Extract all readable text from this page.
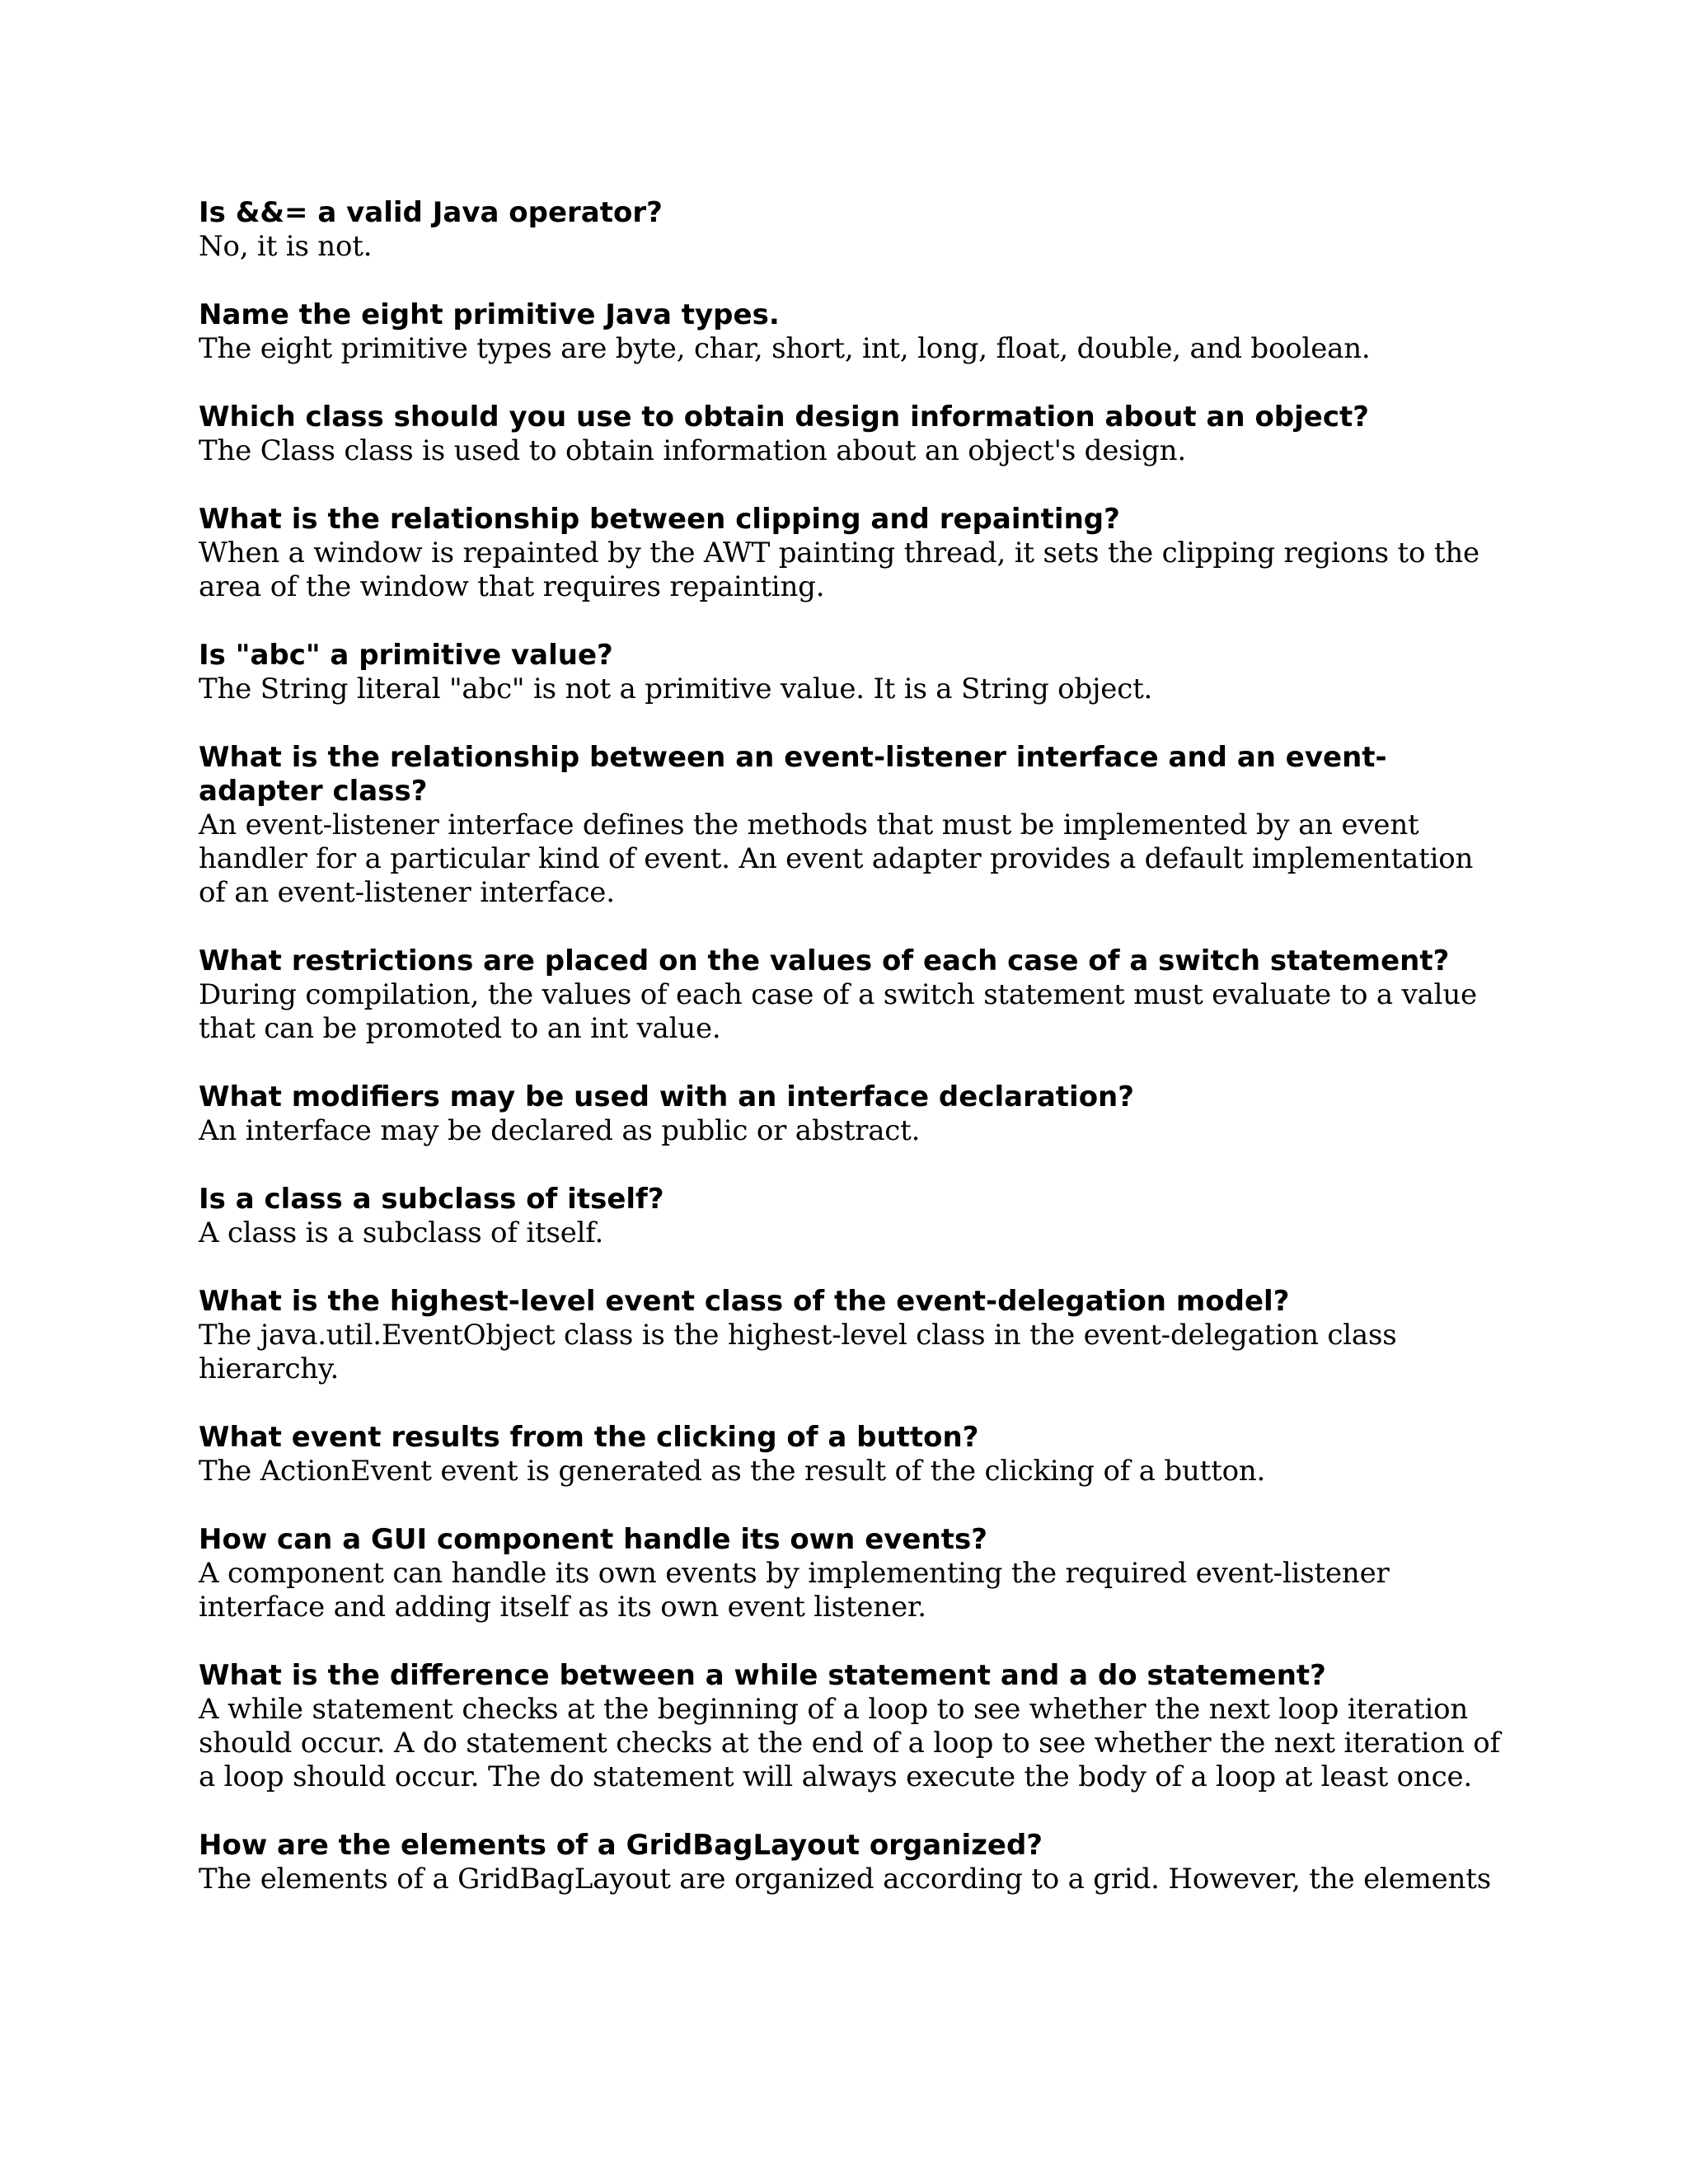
Is &&= a valid Java operator?

No, it is not.

Name the eight primitive Java types.

The eight primitive types are byte, char, short, int, long, float, double, and boolean.

Which class should you use to obtain design information about an object?

The Class class is used to obtain information about an object's design.

What is the relationship between clipping and repainting?

When a window is repainted by the AWT painting thread, it sets the clipping regions to the area of the window that requires repainting.

Is "abc" a primitive value?

The String literal "abc" is not a primitive value. It is a String object.

What is the relationship between an event-listener interface and an event-adapter class?

An event-listener interface defines the methods that must be implemented by an event handler for a particular kind of event. An event adapter provides a default implementation of an event-listener interface.

What restrictions are placed on the values of each case of a switch statement?

During compilation, the values of each case of a switch statement must evaluate to a value that can be promoted to an int value.

What modifiers may be used with an interface declaration?

An interface may be declared as public or abstract.

Is a class a subclass of itself?

A class is a subclass of itself.

What is the highest-level event class of the event-delegation model?

The java.util.EventObject class is the highest-level class in the event-delegation class hierarchy.

What event results from the clicking of a button?

The ActionEvent event is generated as the result of the clicking of a button.

How can a GUI component handle its own events?

A component can handle its own events by implementing the required event-listener interface and adding itself as its own event listener.

What is the difference between a while statement and a do statement?

A while statement checks at the beginning of a loop to see whether the next loop iteration should occur. A do statement checks at the end of a loop to see whether the next iteration of a loop should occur. The do statement will always execute the body of a loop at least once.

How are the elements of a GridBagLayout organized?

The elements of a GridBagLayout are organized according to a grid. However, the elements
